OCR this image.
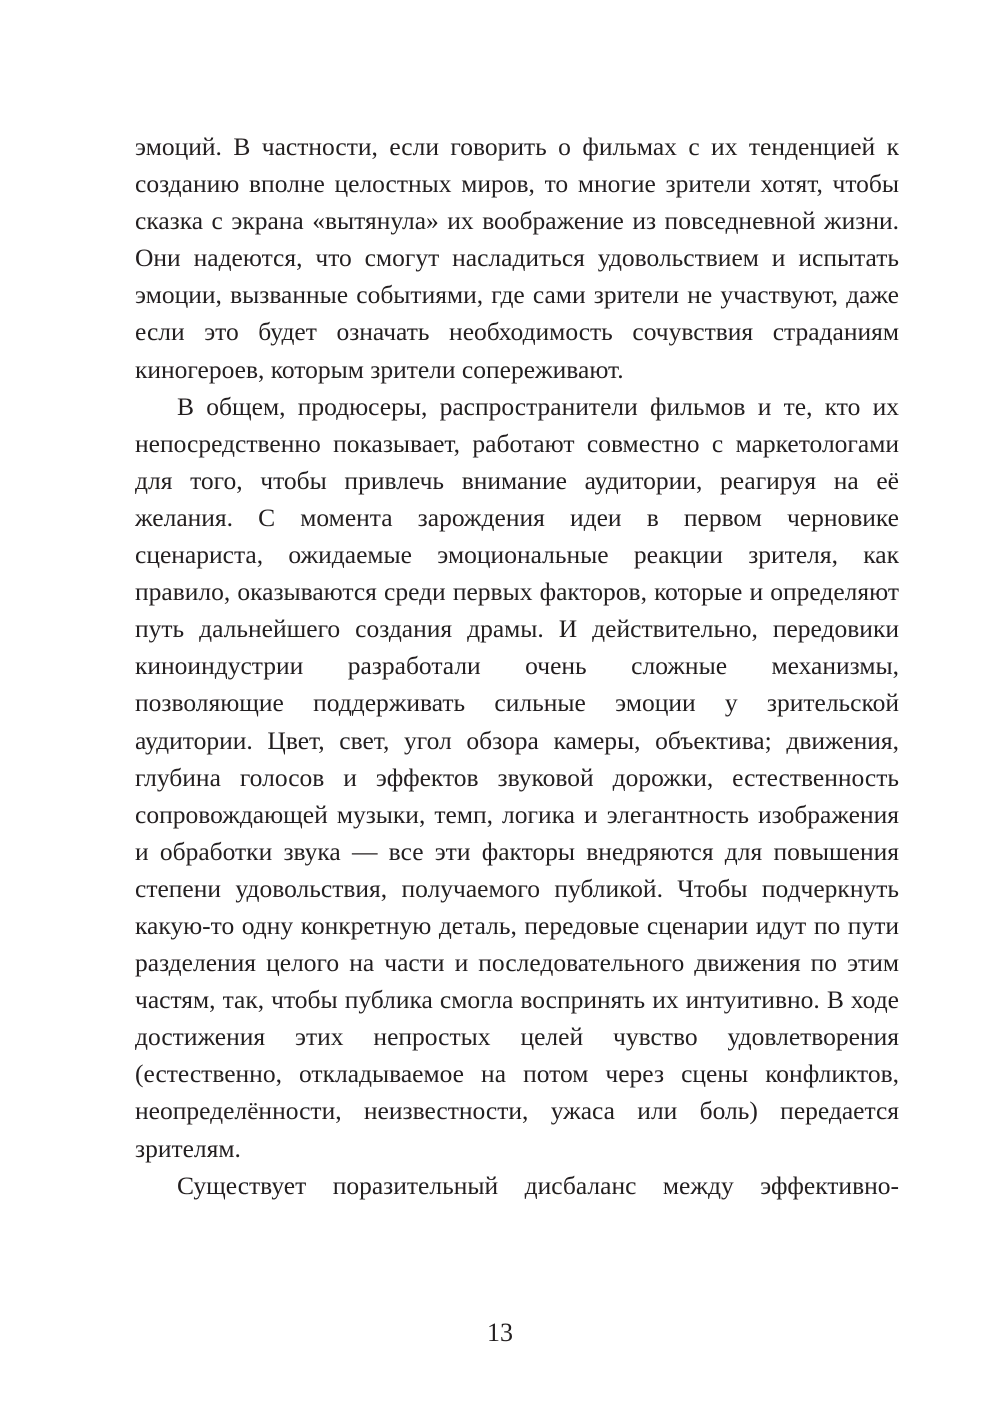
эмоций. В частности, если говорить о фильмах с их тенденцией к созданию вполне целостных миров, то многие зрители хотят, чтобы сказка с экрана «вытянула» их воображение из повседневной жизни. Они надеются, что смогут насладиться удовольствием и испытать эмоции, вызванные событиями, где сами зрители не участвуют, даже если это будет означать необходимость сочувствия страданиям киногероев, которым зрители сопереживают.

В общем, продюсеры, распространители фильмов и те, кто их непосредственно показывает, работают совместно с маркетологами для того, чтобы привлечь внимание аудитории, реагируя на её желания. С момента зарождения идеи в первом черновике сценариста, ожидаемые эмоциональные реакции зрителя, как правило, оказываются среди первых факторов, которые и определяют путь дальнейшего создания драмы. И действительно, передовики киноиндустрии разработали очень сложные механизмы, позволяющие поддерживать сильные эмоции у зрительской аудитории. Цвет, свет, угол обзора камеры, объектива; движения, глубина голосов и эффектов звуковой дорожки, естественность сопровождающей музыки, темп, логика и элегантность изображения и обработки звука — все эти факторы внедряются для повышения степени удовольствия, получаемого публикой. Чтобы подчеркнуть какую-то одну конкретную деталь, передовые сценарии идут по пути разделения целого на части и последовательного движения по этим частям, так, чтобы публика смогла воспринять их интуитивно. В ходе достижения этих непростых целей чувство удовлетворения (естественно, откладываемое на потом через сцены конфликтов, неопределённости, неизвестности, ужаса или боль) передается зрителям.

Существует поразительный дисбаланс между эффективно-

13
